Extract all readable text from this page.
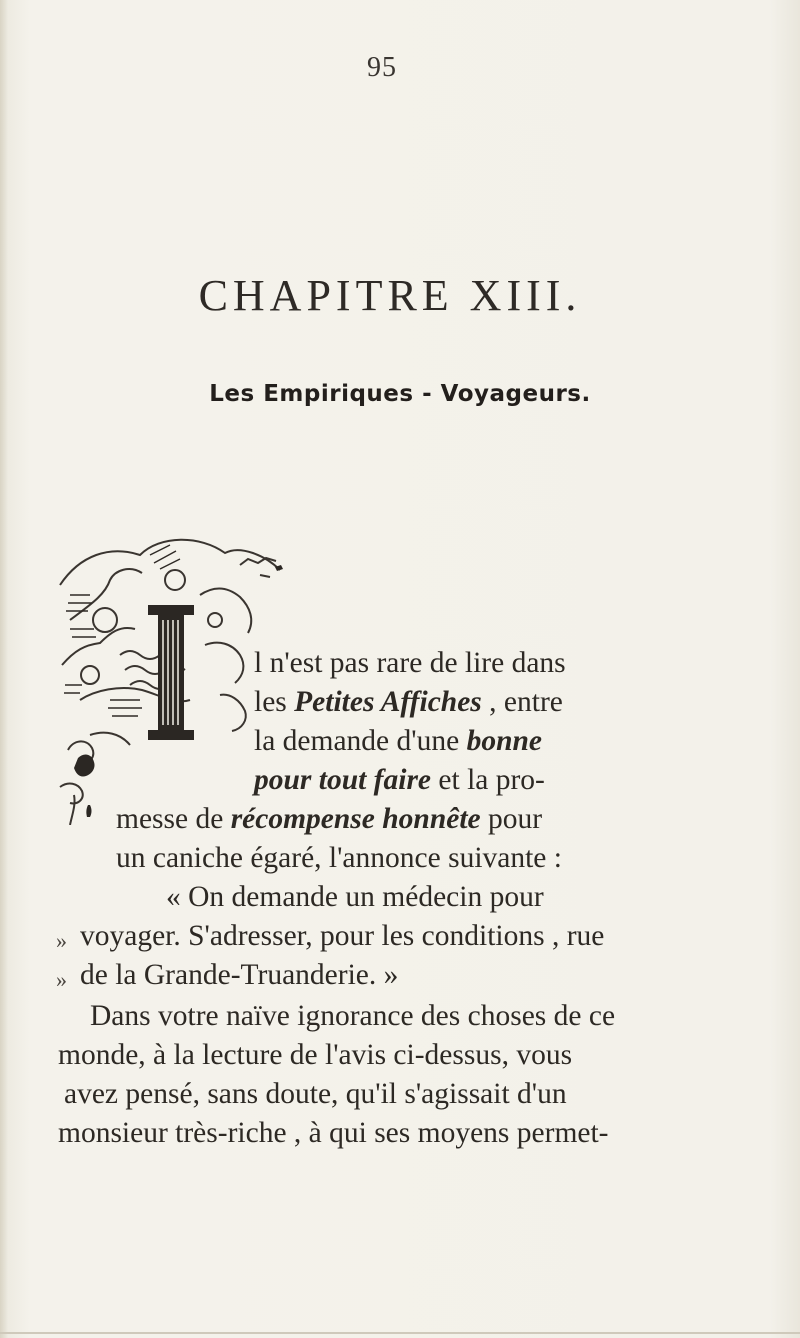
95
CHAPITRE XIII.
Les Empiriques - Voyageurs.
l n'est pas rare de lire dans
les Petites Affiches , entre
la demande d'une bonne
pour tout faire et la pro-
messe de récompense honnête pour
un caniche égaré, l'annonce suivante :
« On demande un médecin pour
» voyager. S'adresser, pour les conditions , rue
» de la Grande-Truanderie. »
Dans votre naïve ignorance des choses de ce
monde, à la lecture de l'avis ci-dessus, vous
avez pensé, sans doute, qu'il s'agissait d'un
monsieur très-riche , à qui ses moyens permet-
